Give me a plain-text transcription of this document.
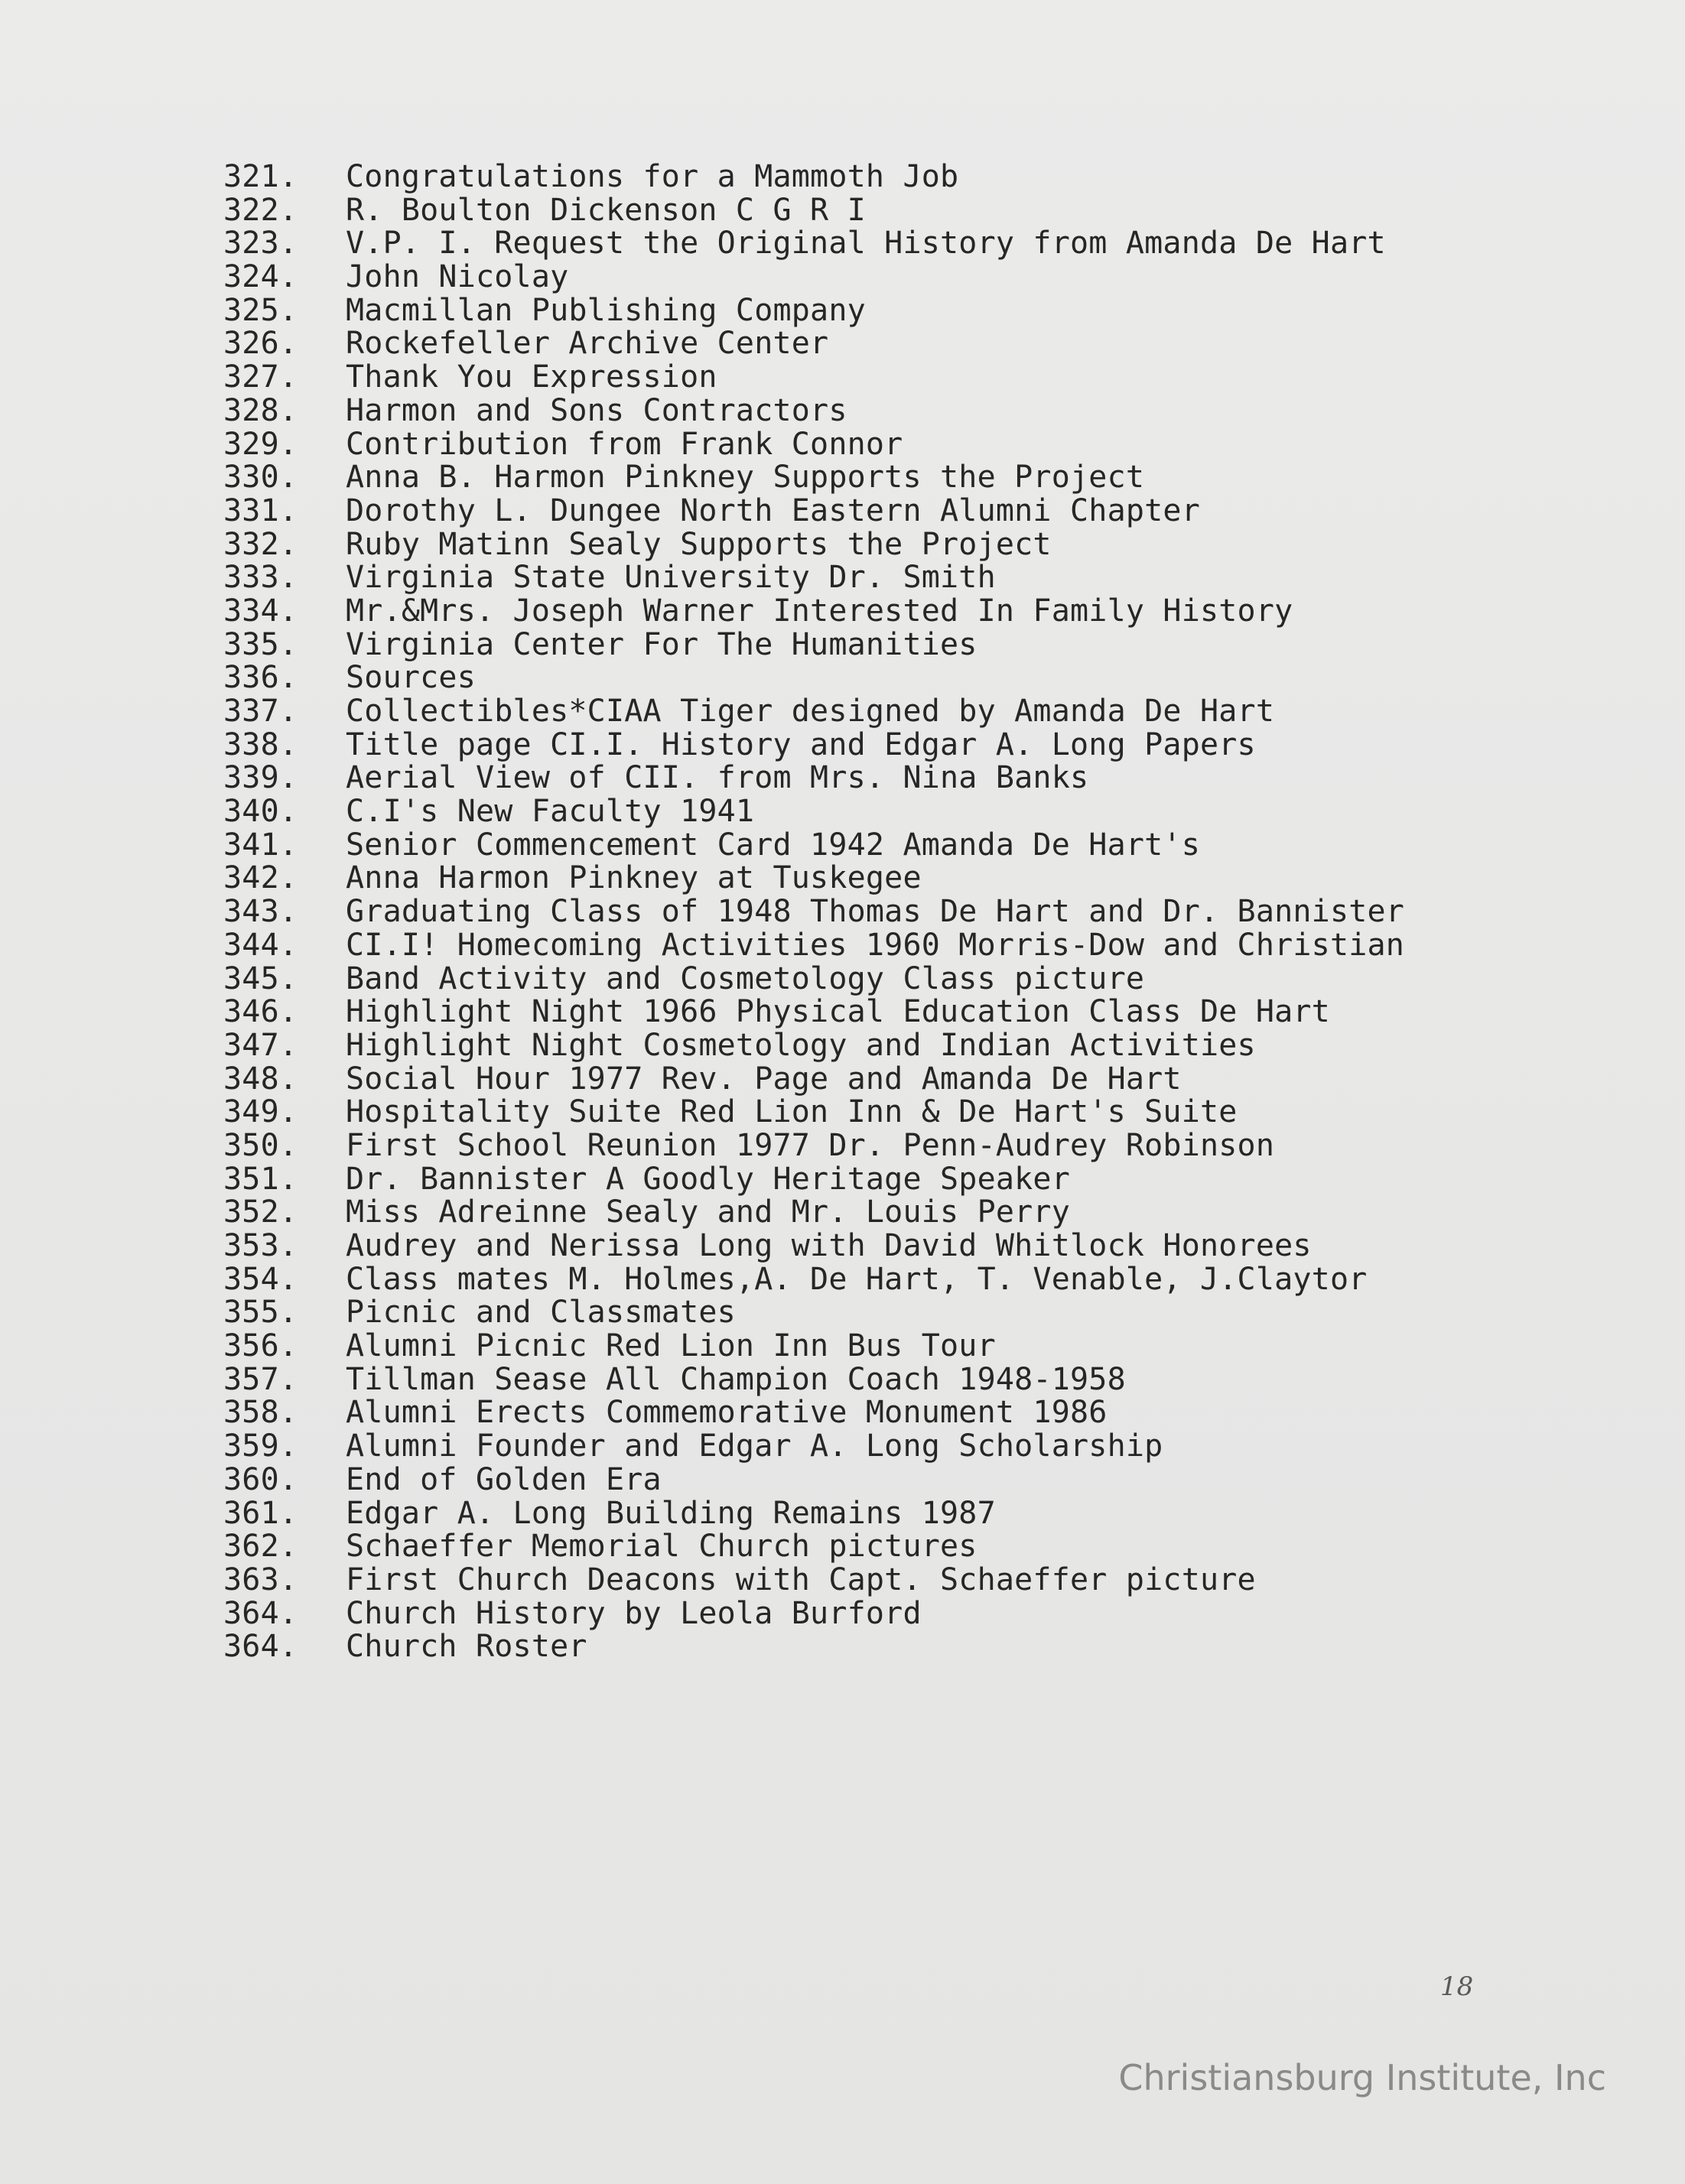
321.	Congratulations for a Mammoth Job
322.	R. Boulton Dickenson C G R I
323.	V.P. I. Request the Original History from Amanda De Hart
324.	John Nicolay
325.	Macmillan Publishing Company
326.	Rockefeller Archive Center
327.	Thank You Expression
328.	Harmon and Sons Contractors
329.	Contribution from Frank Connor
330.	Anna B. Harmon Pinkney Supports the Project
331.	Dorothy L. Dungee North Eastern Alumni Chapter
332.	Ruby Matinn Sealy Supports the Project
333.	Virginia State University Dr. Smith
334.	Mr.&Mrs. Joseph Warner Interested In Family History
335.	Virginia Center For The Humanities
336.	Sources
337.	Collectibles*CIAA Tiger designed by Amanda De Hart
338.	Title page CI.I. History and Edgar A. Long Papers
339.	Aerial View of CII. from Mrs. Nina Banks
340.	C.I's New Faculty 1941
341.	Senior Commencement Card 1942 Amanda De Hart's
342.	Anna Harmon Pinkney at Tuskegee
343.	Graduating Class of 1948 Thomas De Hart and Dr. Bannister
344.	CI.I! Homecoming Activities 1960 Morris-Dow and Christian
345.	Band Activity and Cosmetology Class picture
346.	Highlight Night 1966 Physical Education Class De Hart
347.	Highlight Night Cosmetology and Indian Activities
348.	Social Hour 1977 Rev. Page and Amanda De Hart
349.	Hospitality Suite Red Lion Inn & De Hart's Suite
350.	First School Reunion 1977 Dr. Penn-Audrey Robinson
351.	Dr. Bannister A Goodly Heritage Speaker
352.	Miss Adreinne Sealy and Mr. Louis Perry
353.	Audrey and Nerissa Long with David Whitlock Honorees
354.	Class mates M. Holmes,A. De Hart, T. Venable, J.Claytor
355.	Picnic and Classmates
356.	Alumni Picnic Red Lion Inn Bus Tour
357.	Tillman Sease All Champion Coach 1948-1958
358.	Alumni Erects Commemorative Monument 1986
359.	Alumni Founder and Edgar A. Long Scholarship
360.	End of Golden Era
361.	Edgar A. Long Building Remains 1987
362.	Schaeffer Memorial Church pictures
363.	First Church Deacons with Capt. Schaeffer picture
364.	Church History by Leola Burford
364.	Church Roster
18
Christiansburg Institute, Inc
